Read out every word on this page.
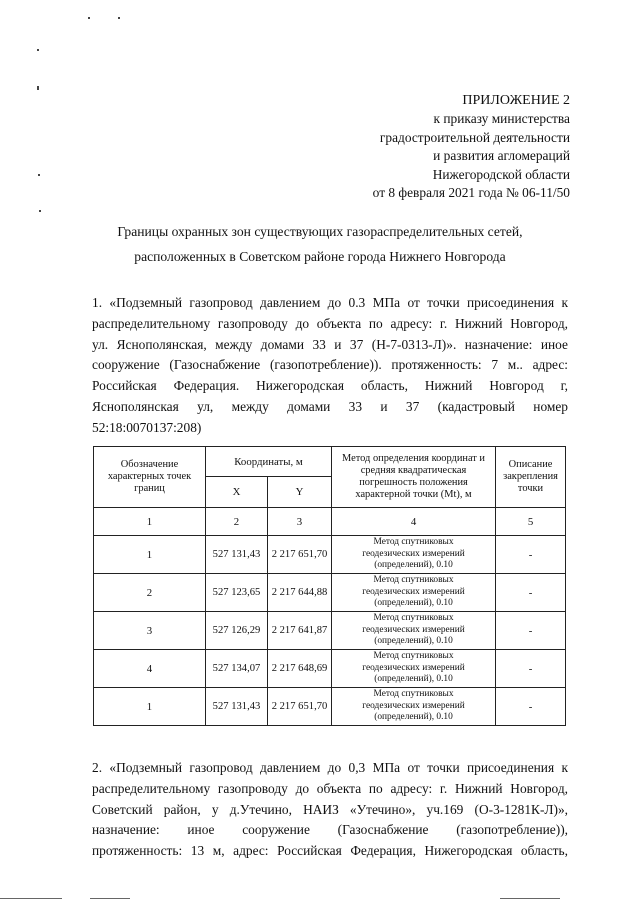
ПРИЛОЖЕНИЕ 2
к приказу министерства
градостроительной деятельности
и развития агломераций
Нижегородской области
от 8 февраля 2021 года № 06-11/50
Границы охранных зон существующих газораспределительных сетей,
расположенных в Советском районе города Нижнего Новгорода
1. «Подземный газопровод давлением до 0.3 МПа от точки присоединения к
распределительному газопроводу до объекта по адресу: г. Нижний Новгород,
ул. Яснополянская, между домами 33 и 37 (Н-7-0313-Л)». назначение: иное
сооружение (Газоснабжение (газопотребление)). протяженность: 7 м.. адрес:
Российская Федерация. Нижегородская область, Нижний Новгород г,
Яснополянская ул, между домами 33 и 37 (кадастровый номер
52:18:0070137:208)
Обозначение характерных точек границ	Координаты, м		Метод определения координат и средняя квадратическая погрешность положения характерной точки (Mt), м	Описание закрепления точки
	X	Y		
1	2	3	4	5
1	527 131,43	2 217 651,70	Метод спутниковых
геодезических измерений
(определений), 0.10	-
2	527 123,65	2 217 644,88	Метод спутниковых
геодезических измерений
(определений), 0.10	-
3	527 126,29	2 217 641,87	Метод спутниковых
геодезических измерений
(определений), 0.10	-
4	527 134,07	2 217 648,69	Метод спутниковых
геодезических измерений
(определений), 0.10	-
1	527 131,43	2 217 651,70	Метод спутниковых
геодезических измерений
(определений), 0.10	-
2. «Подземный газопровод давлением до 0,3 МПа от точки присоединения к
распределительному газопроводу до объекта по адресу: г. Нижний Новгород,
Советский район, у д.Утечино, НАИЗ «Утечино», уч.169 (О-3-1281К-Л)»,
назначение: иное сооружение (Газоснабжение (газопотребление)),
протяженность: 13 м, адрес: Российская Федерация, Нижегородская область,
